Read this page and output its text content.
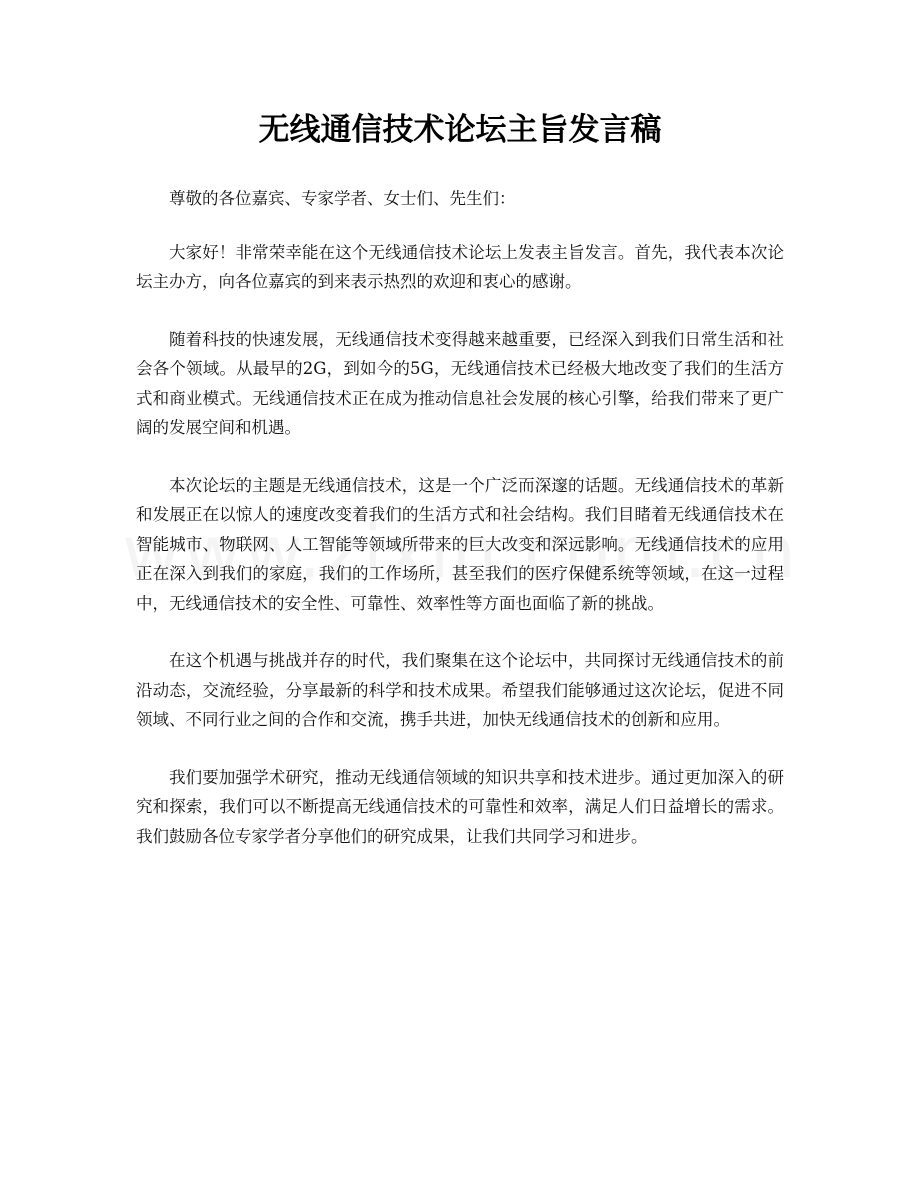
无线通信技术论坛主旨发言稿

尊敬的各位嘉宾、专家学者、女士们、先生们：

大家好！非常荣幸能在这个无线通信技术论坛上发表主旨发言。首先，我代表本次论坛主办方，向各位嘉宾的到来表示热烈的欢迎和衷心的感谢。

随着科技的快速发展，无线通信技术变得越来越重要，已经深入到我们日常生活和社会各个领域。从最早的2G，到如今的5G，无线通信技术已经极大地改变了我们的生活方式和商业模式。无线通信技术正在成为推动信息社会发展的核心引擎，给我们带来了更广阔的发展空间和机遇。

本次论坛的主题是无线通信技术，这是一个广泛而深邃的话题。无线通信技术的革新和发展正在以惊人的速度改变着我们的生活方式和社会结构。我们目睹着无线通信技术在智能城市、物联网、人工智能等领域所带来的巨大改变和深远影响。无线通信技术的应用正在深入到我们的家庭，我们的工作场所，甚至我们的医疗保健系统等领域，在这一过程中，无线通信技术的安全性、可靠性、效率性等方面也面临了新的挑战。

在这个机遇与挑战并存的时代，我们聚集在这个论坛中，共同探讨无线通信技术的前沿动态，交流经验，分享最新的科学和技术成果。希望我们能够通过这次论坛，促进不同领域、不同行业之间的合作和交流，携手共进，加快无线通信技术的创新和应用。

我们要加强学术研究，推动无线通信领域的知识共享和技术进步。通过更加深入的研究和探索，我们可以不断提高无线通信技术的可靠性和效率，满足人们日益增长的需求。我们鼓励各位专家学者分享他们的研究成果，让我们共同学习和进步。
